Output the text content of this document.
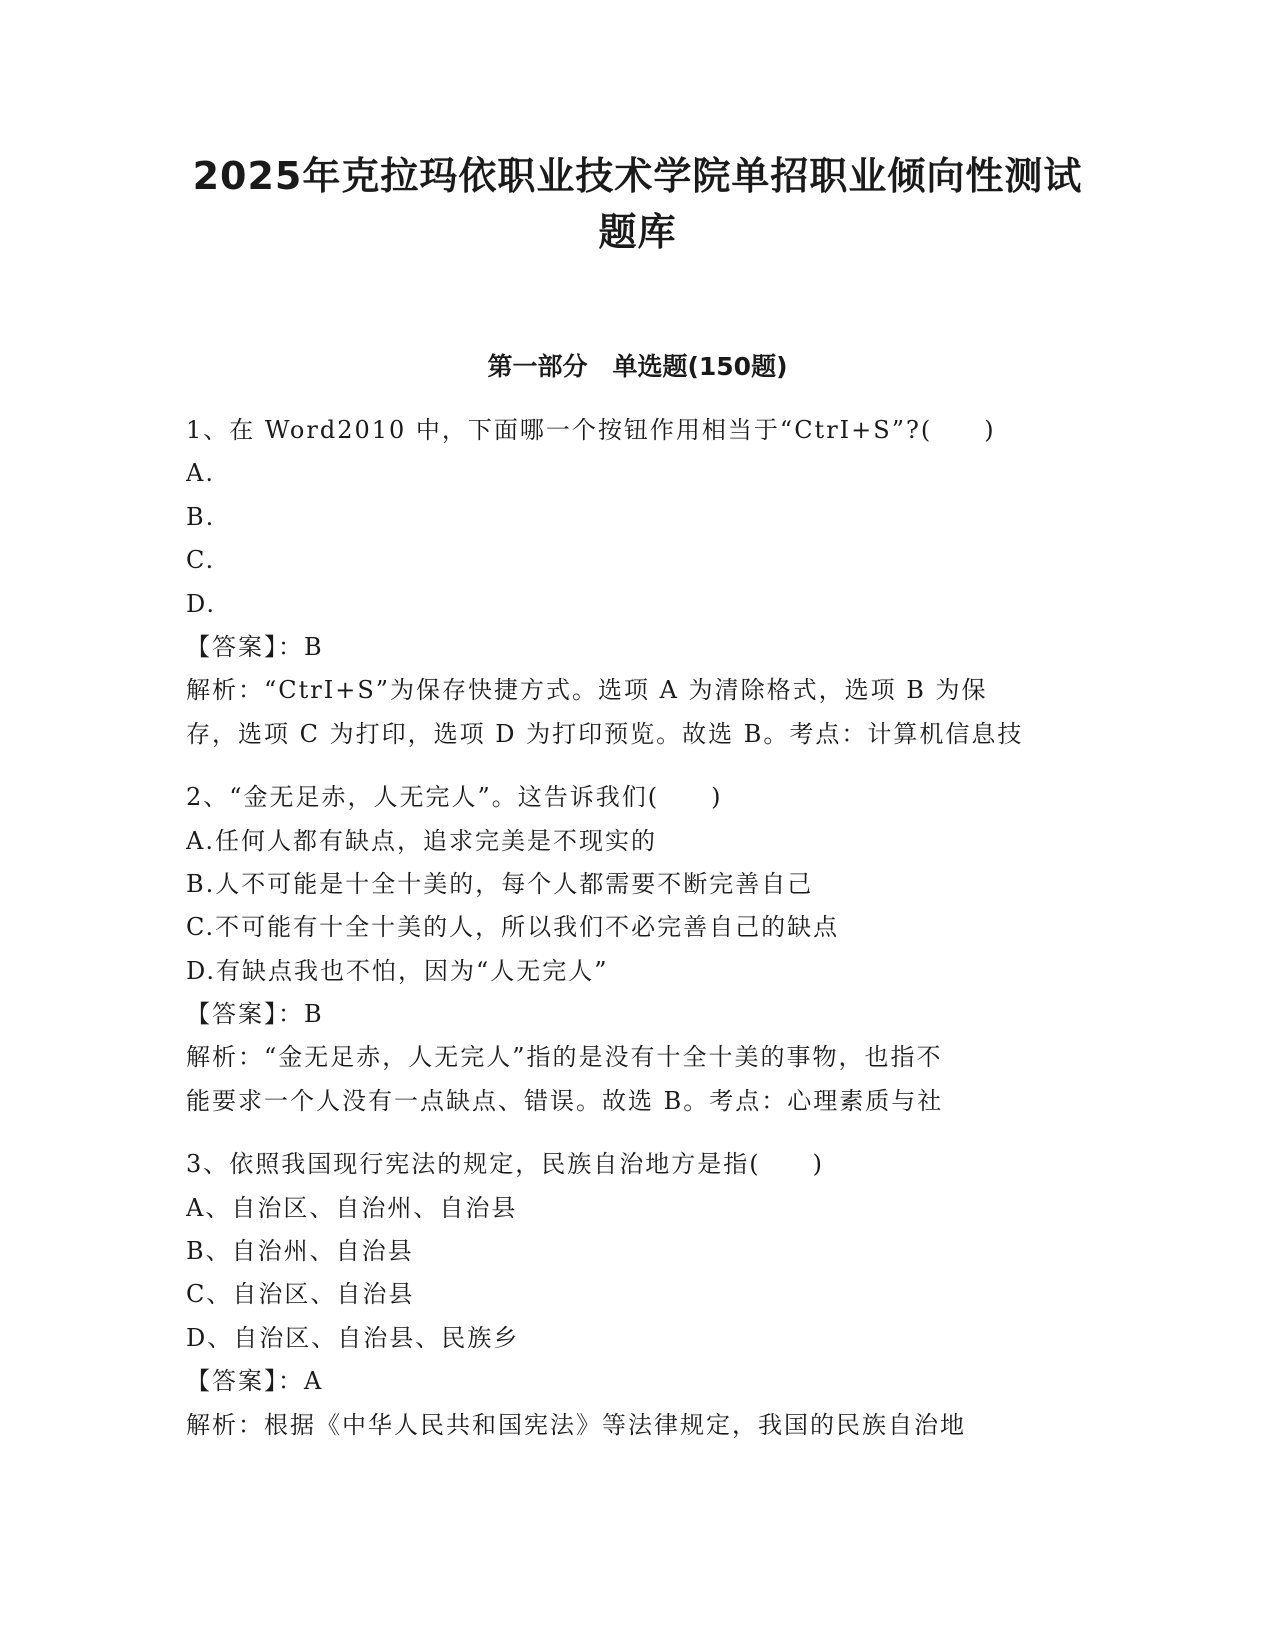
2025年克拉玛依职业技术学院单招职业倾向性测试题库
第一部分　单选题(150题)
1、在 Word2010 中，下面哪一个按钮作用相当于“CtrI+S”?(　　)
A.
B.
C.
D.
【答案】：B
解析：“CtrI+S”为保存快捷方式。选项 A 为清除格式，选项 B 为保
存，选项 C 为打印，选项 D 为打印预览。故选 B。考点：计算机信息技
2、“金无足赤，人无完人”。这告诉我们(　　)
A.任何人都有缺点，追求完美是不现实的
B.人不可能是十全十美的，每个人都需要不断完善自己
C.不可能有十全十美的人，所以我们不必完善自己的缺点
D.有缺点我也不怕，因为“人无完人”
【答案】：B
解析：“金无足赤，人无完人”指的是没有十全十美的事物，也指不
能要求一个人没有一点缺点、错误。故选 B。考点：心理素质与社
3、依照我国现行宪法的规定，民族自治地方是指(　　)
A、自治区、自治州、自治县
B、自治州、自治县
C、自治区、自治县
D、自治区、自治县、民族乡
【答案】：A
解析：根据《中华人民共和国宪法》等法律规定，我国的民族自治地
